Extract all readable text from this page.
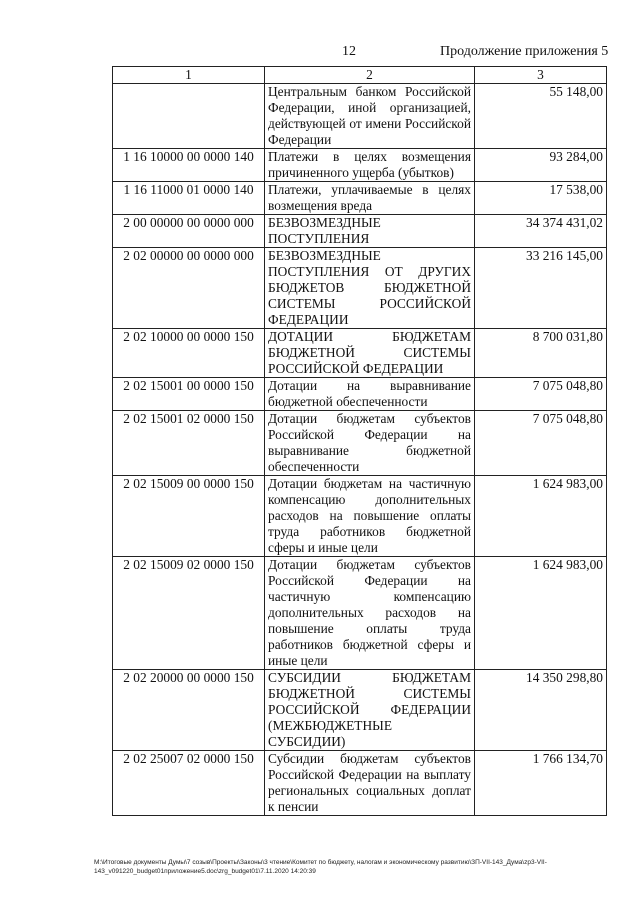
12	Продолжение приложения 5
1	2	3
	Центральным банком Российской Федерации, иной организацией, действующей от имени Российской Федерации	55 148,00
1 16 10000 00 0000 140	Платежи в целях возмещения причиненного ущерба (убытков)	93 284,00
1 16 11000 01 0000 140	Платежи, уплачиваемые в целях возмещения вреда	17 538,00
2 00 00000 00 0000 000	БЕЗВОЗМЕЗДНЫЕ ПОСТУПЛЕНИЯ	34 374 431,02
2 02 00000 00 0000 000	БЕЗВОЗМЕЗДНЫЕ ПОСТУПЛЕНИЯ ОТ ДРУГИХ БЮДЖЕТОВ БЮДЖЕТНОЙ СИСТЕМЫ РОССИЙСКОЙ ФЕДЕРАЦИИ	33 216 145,00
2 02 10000 00 0000 150	ДОТАЦИИ БЮДЖЕТАМ БЮДЖЕТНОЙ СИСТЕМЫ РОССИЙСКОЙ ФЕДЕРАЦИИ	8 700 031,80
2 02 15001 00 0000 150	Дотации на выравнивание бюджетной обеспеченности	7 075 048,80
2 02 15001 02 0000 150	Дотации бюджетам субъектов Российской Федерации на выравнивание бюджетной обеспеченности	7 075 048,80
2 02 15009 00 0000 150	Дотации бюджетам на частичную компенсацию дополнительных расходов на повышение оплаты труда работников бюджетной сферы и иные цели	1 624 983,00
2 02 15009 02 0000 150	Дотации бюджетам субъектов Российской Федерации на частичную компенсацию дополнительных расходов на повышение оплаты труда работников бюджетной сферы и иные цели	1 624 983,00
2 02 20000 00 0000 150	СУБСИДИИ БЮДЖЕТАМ БЮДЖЕТНОЙ СИСТЕМЫ РОССИЙСКОЙ ФЕДЕРАЦИИ (МЕЖБЮДЖЕТНЫЕ СУБСИДИИ)	14 350 298,80
2 02 25007 02 0000 150	Субсидии бюджетам субъектов Российской Федерации на выплату региональных социальных доплат к пенсии	1 766 134,70
M:\Итоговые документы Думы\7 созыв\Проекты\Законы\3 чтение\Комитет по бюджету, налогам и экономическому развитию\ЗП-VII-143_Дума\zp3-VII-143_v091220_budget01приложение5.doc\zrg_budget01\7.11.2020 14:20:39
